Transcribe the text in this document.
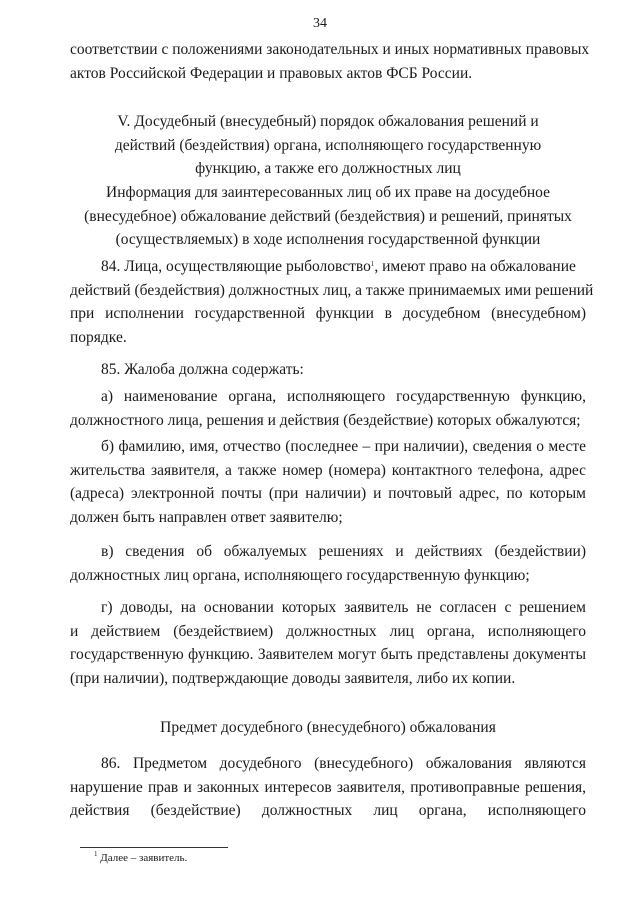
34
соответствии с положениями законодательных и иных нормативных правовых
актов Российской Федерации и правовых актов ФСБ России.
V. Досудебный (внесудебный) порядок обжалования решений и
действий (бездействия) органа, исполняющего государственную
функцию, а также его должностных лиц
Информация для заинтересованных лиц об их праве на досудебное
(внесудебное) обжалование действий (бездействия) и решений, принятых
(осуществляемых) в ходе исполнения государственной функции
84. Лица, осуществляющие рыболовство$^1$, имеют право на обжалование
действий (бездействия) должностных лиц, а также принимаемых ими решений
при исполнении государственной функции в досудебном (внесудебном)
порядке.
85. Жалоба должна содержать:
а) наименование органа, исполняющего государственную функцию,
должностного лица, решения и действия (бездействие) которых обжалуются;
б) фамилию, имя, отчество (последнее – при наличии), сведения о месте
жительства заявителя, а также номер (номера) контактного телефона, адрес
(адреса) электронной почты (при наличии) и почтовый адрес, по которым
должен быть направлен ответ заявителю;
в) сведения об обжалуемых решениях и действиях (бездействии)
должностных лиц органа, исполняющего государственную функцию;
г) доводы, на основании которых заявитель не согласен с решением
и действием (бездействием) должностных лиц органа, исполняющего
государственную функцию. Заявителем могут быть представлены документы
(при наличии), подтверждающие доводы заявителя, либо их копии.
Предмет досудебного (внесудебного) обжалования
86. Предметом досудебного (внесудебного) обжалования являются
нарушение прав и законных интересов заявителя, противоправные решения,
действия (бездействие) должностных лиц органа, исполняющего
$^1$ Далее – заявитель.
